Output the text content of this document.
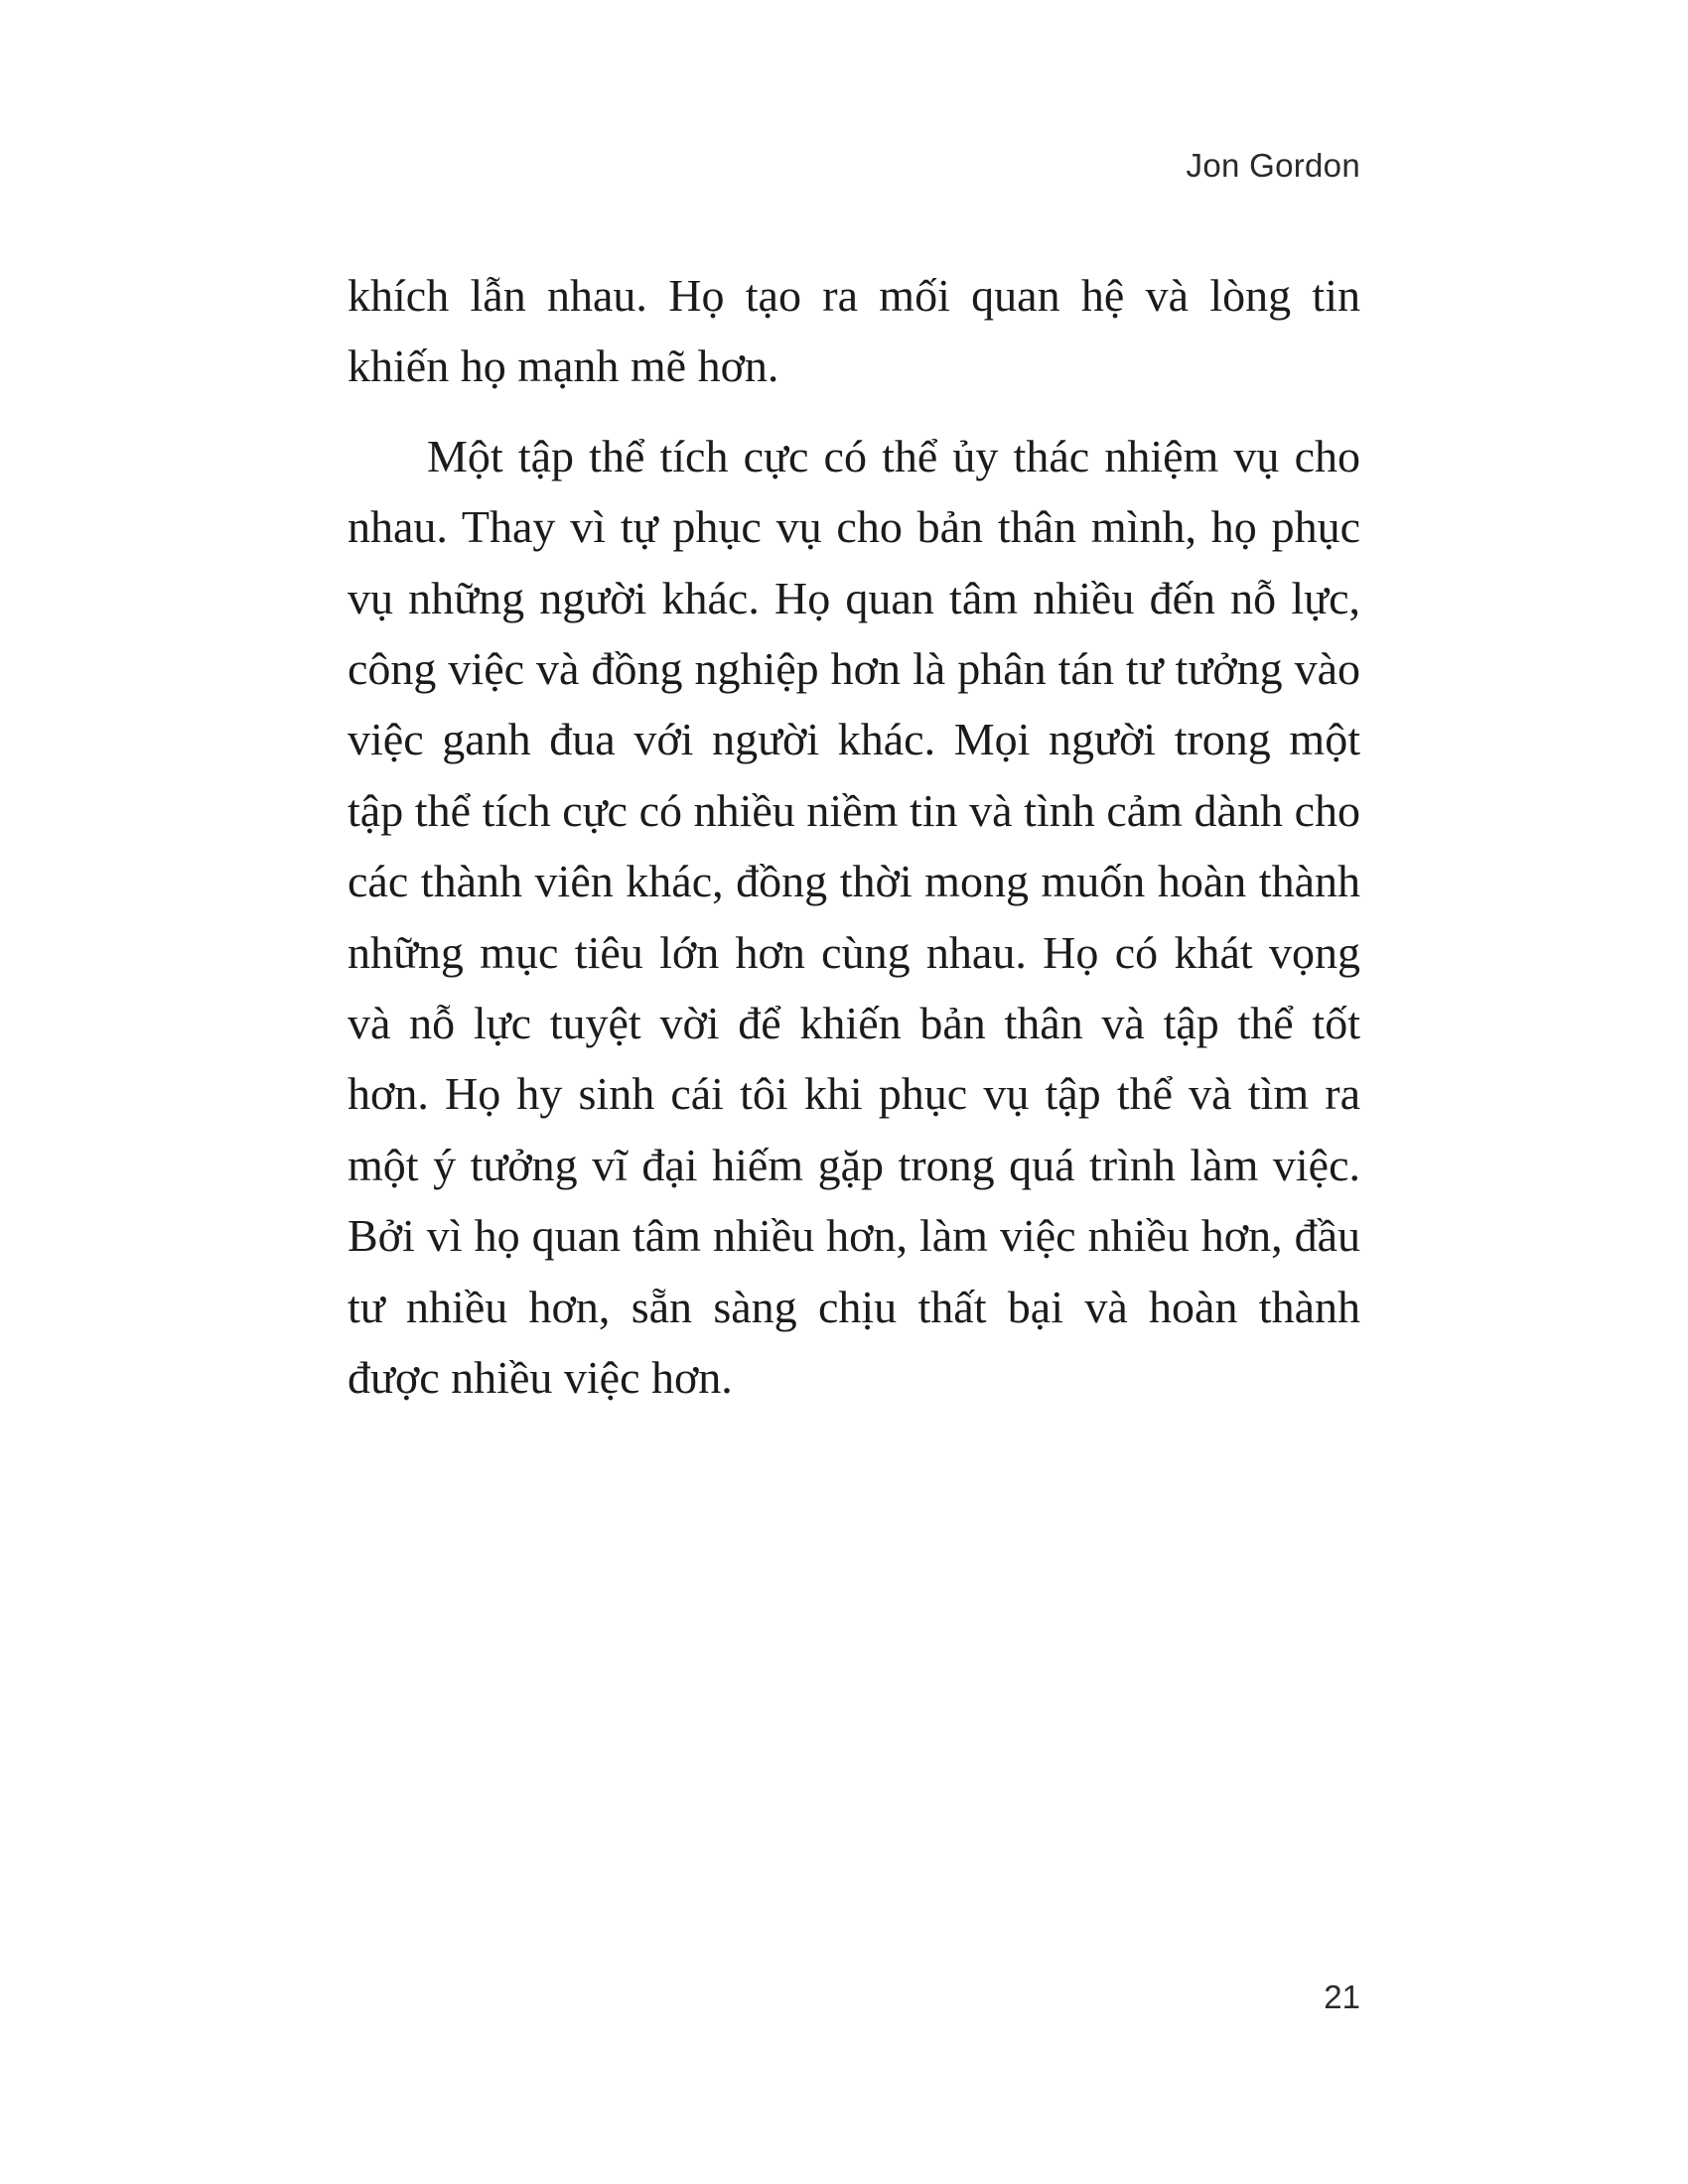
Jon Gordon

khích lẫn nhau. Họ tạo ra mối quan hệ và lòng tin khiến họ mạnh mẽ hơn.

Một tập thể tích cực có thể ủy thác nhiệm vụ cho nhau. Thay vì tự phục vụ cho bản thân mình, họ phục vụ những người khác. Họ quan tâm nhiều đến nỗ lực, công việc và đồng nghiệp hơn là phân tán tư tưởng vào việc ganh đua với người khác. Mọi người trong một tập thể tích cực có nhiều niềm tin và tình cảm dành cho các thành viên khác, đồng thời mong muốn hoàn thành những mục tiêu lớn hơn cùng nhau. Họ có khát vọng và nỗ lực tuyệt vời để khiến bản thân và tập thể tốt hơn. Họ hy sinh cái tôi khi phục vụ tập thể và tìm ra một ý tưởng vĩ đại hiếm gặp trong quá trình làm việc. Bởi vì họ quan tâm nhiều hơn, làm việc nhiều hơn, đầu tư nhiều hơn, sẵn sàng chịu thất bại và hoàn thành được nhiều việc hơn.

21
